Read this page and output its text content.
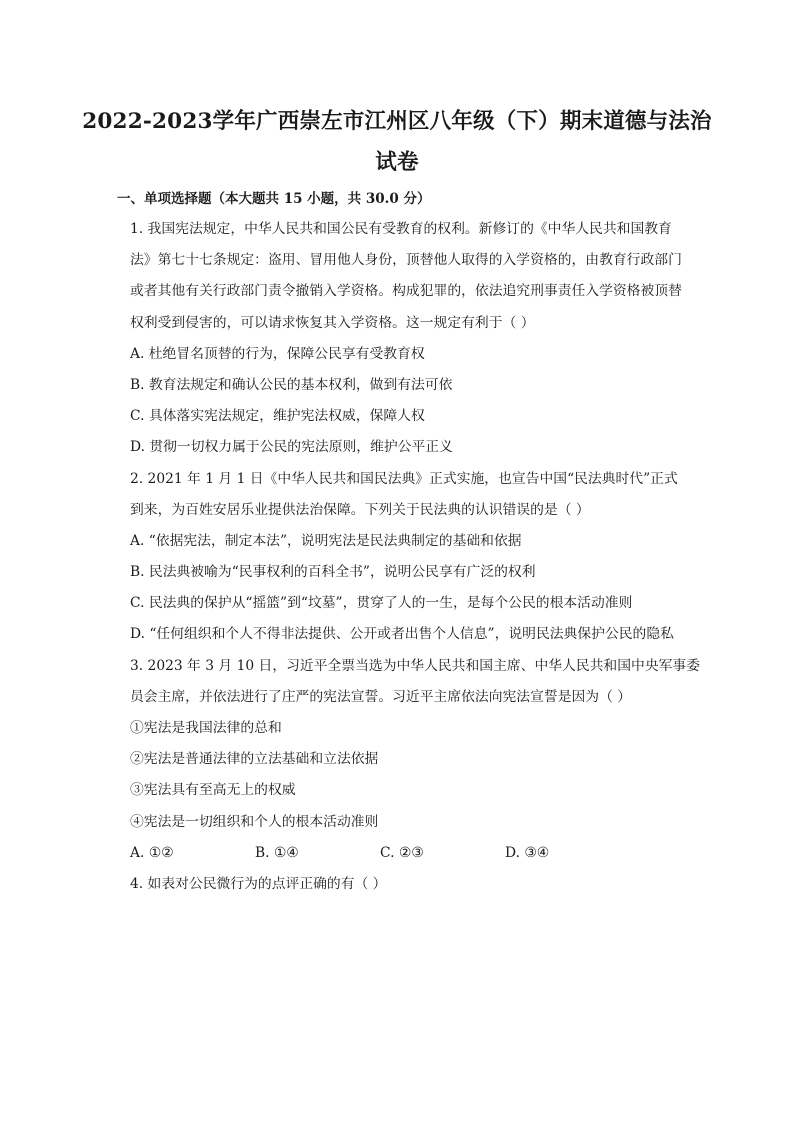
2022-2023学年广西崇左市江州区八年级（下）期末道德与法治
试卷
一、单项选择题（本大题共 15 小题，共 30.0 分）
1. 我国宪法规定，中华人民共和国公民有受教育的权利。新修订的《中华人民共和国教育
法》第七十七条规定：盗用、冒用他人身份，顶替他人取得的入学资格的，由教育行政部门
或者其他有关行政部门责令撤销入学资格。构成犯罪的，依法追究刑事责任入学资格被顶替
权利受到侵害的，可以请求恢复其入学资格。这一规定有利于（ ）
A. 杜绝冒名顶替的行为，保障公民享有受教育权
B. 教育法规定和确认公民的基本权利，做到有法可依
C. 具体落实宪法规定，维护宪法权威，保障人权
D. 贯彻一切权力属于公民的宪法原则，维护公平正义
2. 2021 年 1 月 1 日《中华人民共和国民法典》正式实施，也宣告中国“民法典时代”正式
到来，为百姓安居乐业提供法治保障。下列关于民法典的认识错误的是（ ）
A. “依据宪法，制定本法”，说明宪法是民法典制定的基础和依据
B. 民法典被喻为“民事权利的百科全书”，说明公民享有广泛的权利
C. 民法典的保护从“摇篮”到“坟墓”，贯穿了人的一生，是每个公民的根本活动准则
D. “任何组织和个人不得非法提供、公开或者出售个人信息”，说明民法典保护公民的隐私
3. 2023 年 3 月 10 日，习近平全票当选为中华人民共和国主席、中华人民共和国中央军事委
员会主席，并依法进行了庄严的宪法宣誓。习近平主席依法向宪法宣誓是因为（ ）
①宪法是我国法律的总和
②宪法是普通法律的立法基础和立法依据
③宪法具有至高无上的权威
④宪法是一切组织和个人的根本活动准则
A. ①②	B. ①④	C. ②③	D. ③④
4. 如表对公民微行为的点评正确的有（ ）
